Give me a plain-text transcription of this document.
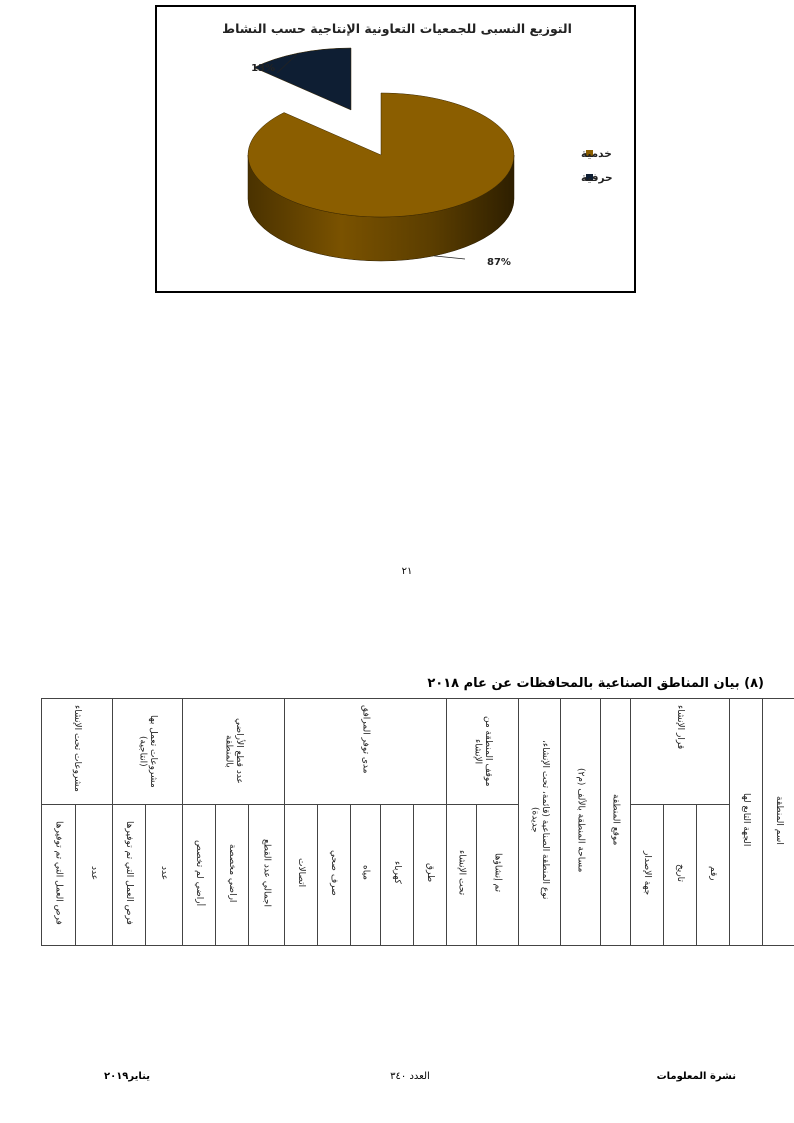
التوزيع النسبى للجمعيات التعاونية الإنتاجية حسب النشاط
87%
13%
خدمية
حرفية
٢١
(٨) بيان المناطق الصناعية بالمحافظات عن عام ٢٠١٨
اسم المنطقة	الجهة التابع لها	قرار الإنشاء			موقع المنطقة	مساحة المنطقة بالألف (م٢)	نوع المنطقة الصناعية (قائمة، تحت الإنشاء، جديدة)	موقف المنطقة من الإنشاء		مدى توفر المرافق					عدد قطع الأراضي بالمنطقة			مشروعات تعمل بها (انتاجية)		مشروعات تحت الإنشاء	
		رقم	تاريخ	جهة الإصدار				تم إنشاؤها	تحت الإنشاء	طرق	كهرباء	مياه	صرف صحي	اتصالات	اجمالي عدد القطع	اراضي مخصصة	أراضي لم تخصص	عدد	فرص العمل التي تم توفيرها	عدد	فرص العمل التي تم توفيرها
نشرة المعلومات
العدد ٣٤٠
يناير٢٠١٩
